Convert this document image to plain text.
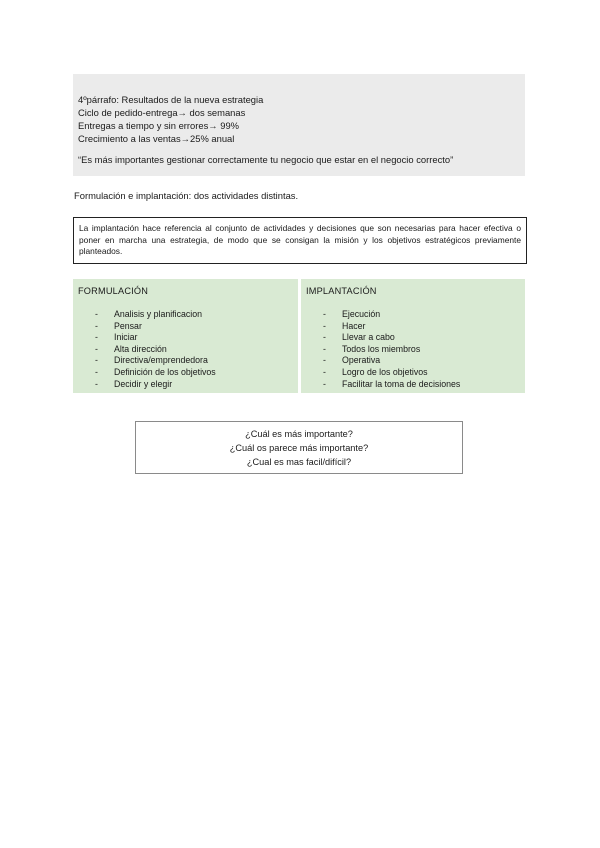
4ºpárrafo: Resultados de la nueva estrategia
Ciclo de pedido-entrega→ dos semanas
Entregas a tiempo y sin errores→ 99%
Crecimiento a las ventas→25% anual
“Es más importantes gestionar correctamente tu negocio que estar en el negocio correcto”
Formulación e implantación: dos actividades distintas.
La implantación hace referencia al conjunto de actividades y decisiones que son necesarias para hacer efectiva o poner en marcha una estrategia, de modo que se consigan la misión y los objetivos estratégicos previamente planteados.
FORMULACIÓN
-	Analisis y planificacion
-	Pensar
-	Iniciar
-	Alta dirección
-	Directiva/emprendedora
-	Definición de los objetivos
-	Decidir y elegir
IMPLANTACIÓN
-	Ejecución
-	Hacer
-	Llevar a cabo
-	Todos los miembros
-	Operativa
-	Logro de los objetivos
-	Facilitar la toma de decisiones
¿Cuál es más importante?
¿Cuál os parece más importante?
¿Cual es mas facil/difícil?
